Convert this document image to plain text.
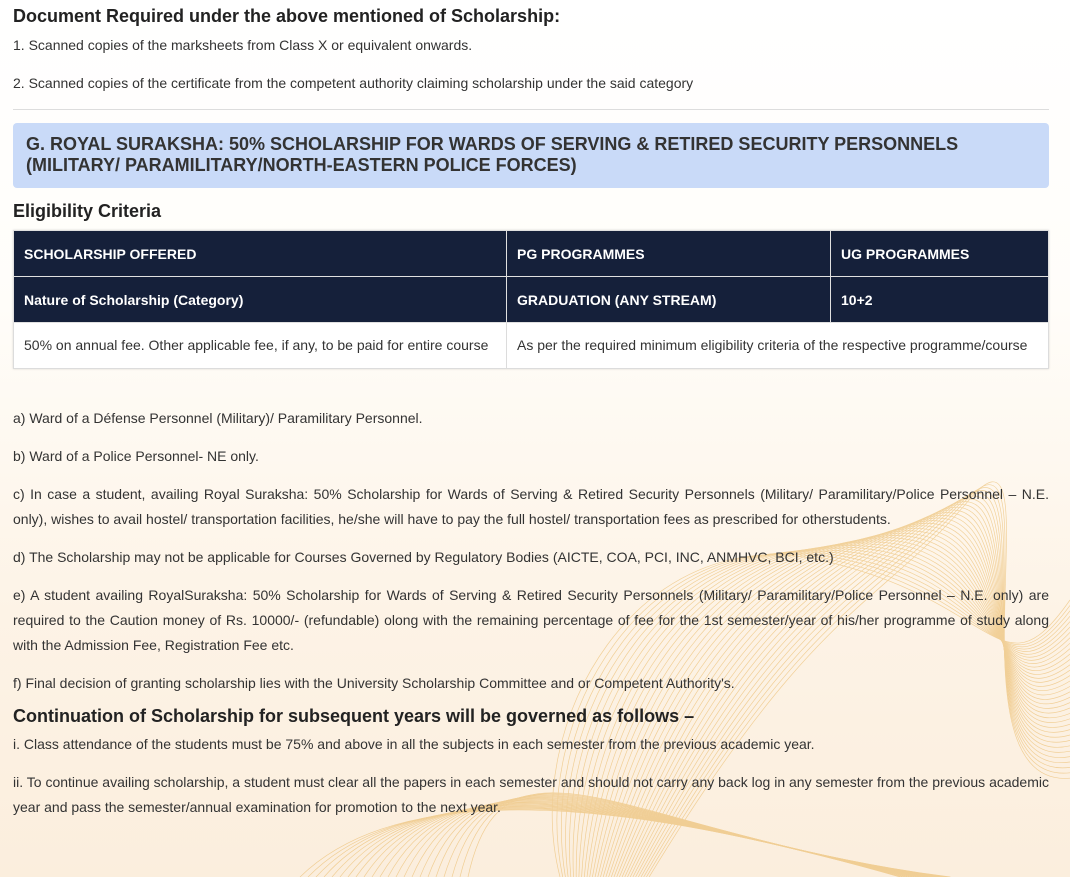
Document Required under the above mentioned of Scholarship:

1. Scanned copies of the marksheets from Class X or equivalent onwards.

2. Scanned copies of the certificate from the competent authority claiming scholarship under the said category

G. ROYAL SURAKSHA: 50% SCHOLARSHIP FOR WARDS OF SERVING & RETIRED SECURITY PERSONNELS (MILITARY/ PARAMILITARY/NORTH-EASTERN POLICE FORCES)
Eligibility Criteria
SCHOLARSHIP OFFERED	PG PROGRAMMES	UG PROGRAMMES
Nature of Scholarship (Category)	GRADUATION (ANY STREAM)	10+2
50% on annual fee. Other applicable fee, if any, to be paid for entire course	As per the required minimum eligibility criteria of the respective programme/course	

a) Ward of a Défense Personnel (Military)/ Paramilitary Personnel.

b) Ward of a Police Personnel- NE only.

c) In case a student, availing Royal Suraksha: 50% Scholarship for Wards of Serving & Retired Security Personnels (Military/ Paramilitary/Police Personnel – N.E. only), wishes to avail hostel/ transportation facilities, he/she will have to pay the full hostel/ transportation fees as prescribed for otherstudents.

d) The Scholarship may not be applicable for Courses Governed by Regulatory Bodies (AICTE, COA, PCI, INC, ANMHVC, BCI, etc.)

e) A student availing RoyalSuraksha: 50% Scholarship for Wards of Serving & Retired Security Personnels (Military/ Paramilitary/Police Personnel – N.E. only) are required to the Caution money of Rs. 10000/- (refundable) olong with the remaining percentage of fee for the 1st semester/year of his/her programme of study along with the Admission Fee, Registration Fee etc.

f) Final decision of granting scholarship lies with the University Scholarship Committee and or Competent Authority's.

Continuation of Scholarship for subsequent years will be governed as follows –

i. Class attendance of the students must be 75% and above in all the subjects in each semester from the previous academic year.

ii. To continue availing scholarship, a student must clear all the papers in each semester and should not carry any back log in any semester from the previous academic year and pass the semester/annual examination for promotion to the next year.
